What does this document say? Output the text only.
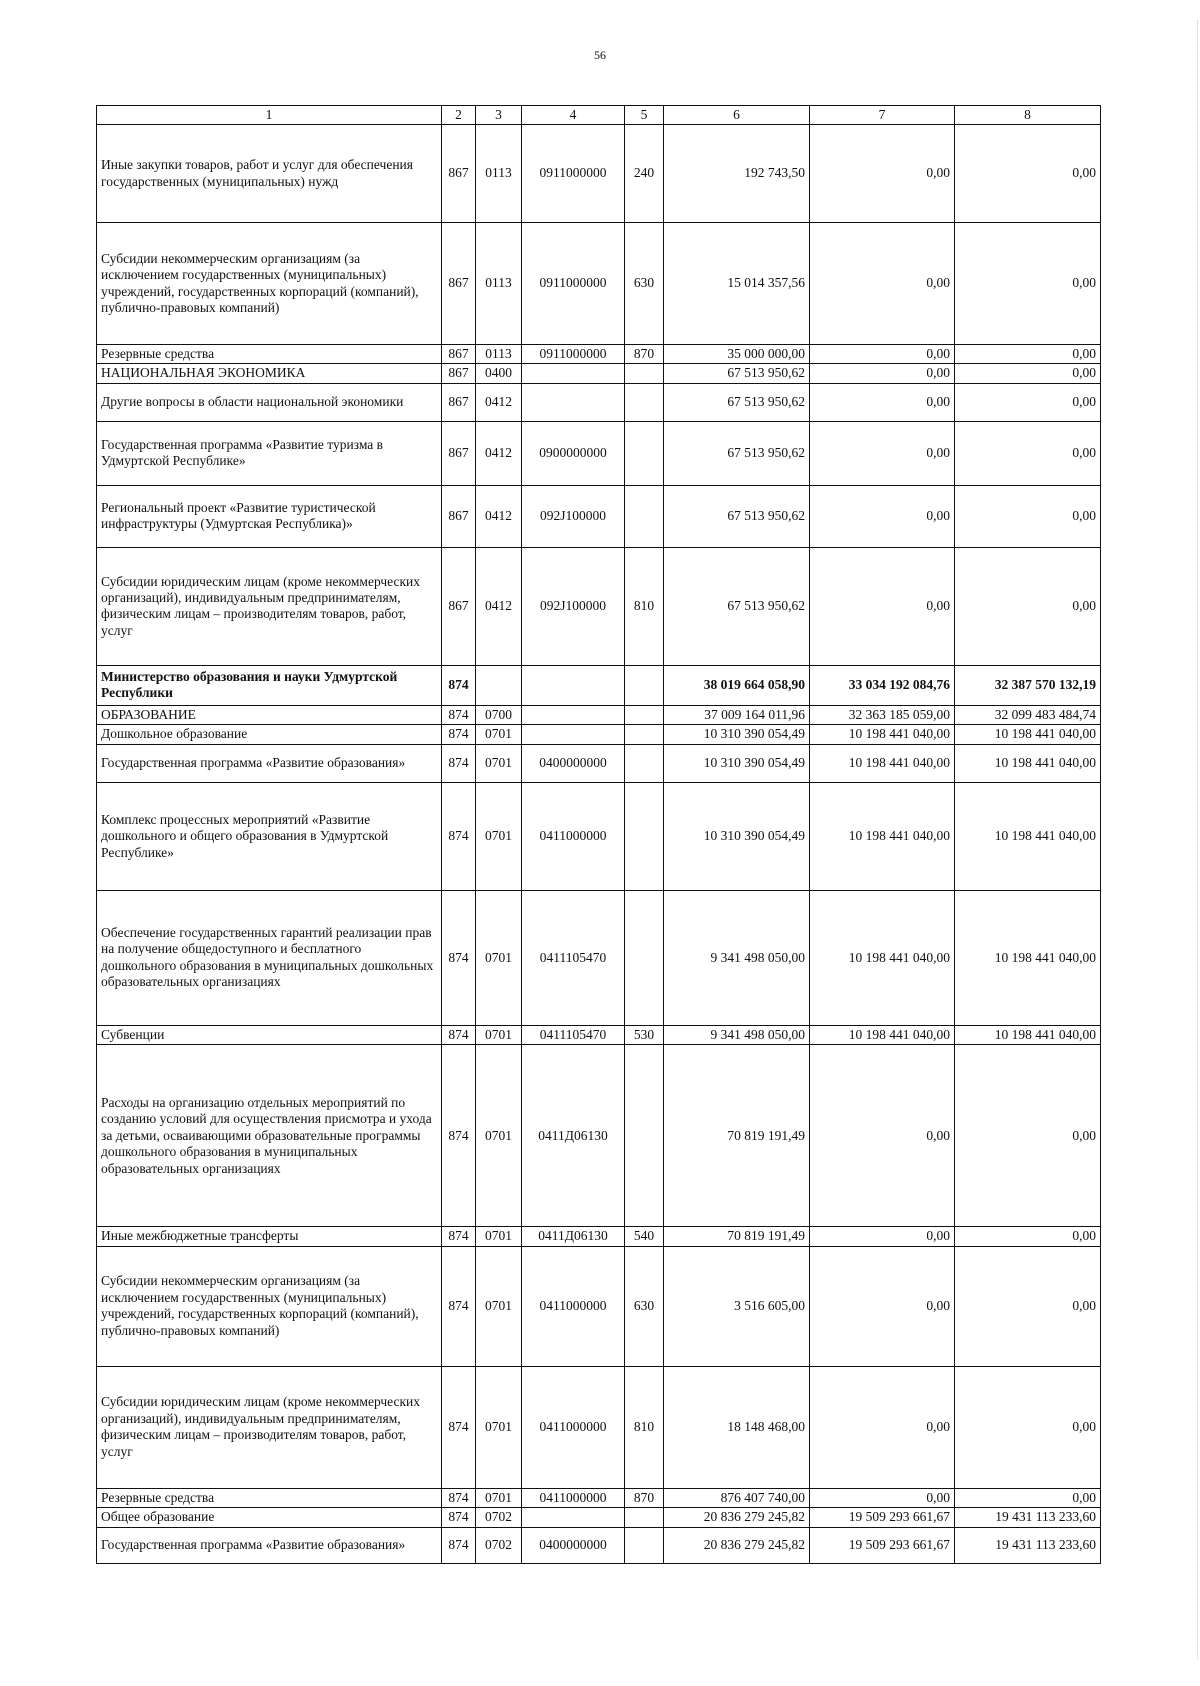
56
1	2	3	4	5	6	7	8
Иные закупки товаров, работ и услуг для обеспечения государственных (муниципальных) нужд	867	0113	0911000000	240	192 743,50	0,00	0,00
Субсидии некоммерческим организациям (за исключением государственных (муниципальных) учреждений, государственных корпораций (компаний), публично-правовых компаний)	867	0113	0911000000	630	15 014 357,56	0,00	0,00
Резервные средства	867	0113	0911000000	870	35 000 000,00	0,00	0,00
НАЦИОНАЛЬНАЯ ЭКОНОМИКА	867	0400			67 513 950,62	0,00	0,00
Другие вопросы в области национальной экономики	867	0412			67 513 950,62	0,00	0,00
Государственная программа «Развитие туризма в Удмуртской Республике»	867	0412	0900000000		67 513 950,62	0,00	0,00
Региональный проект «Развитие туристической инфраструктуры (Удмуртская Республика)»	867	0412	092J100000		67 513 950,62	0,00	0,00
Субсидии юридическим лицам (кроме некоммерческих организаций), индивидуальным предпринимателям, физическим лицам – производителям товаров, работ, услуг	867	0412	092J100000	810	67 513 950,62	0,00	0,00
Министерство образования и науки Удмуртской Республики	874				38 019 664 058,90	33 034 192 084,76	32 387 570 132,19
ОБРАЗОВАНИЕ	874	0700			37 009 164 011,96	32 363 185 059,00	32 099 483 484,74
Дошкольное образование	874	0701			10 310 390 054,49	10 198 441 040,00	10 198 441 040,00
Государственная программа «Развитие образования»	874	0701	0400000000		10 310 390 054,49	10 198 441 040,00	10 198 441 040,00
Комплекс процессных мероприятий «Развитие дошкольного и общего образования в Удмуртской Республике»	874	0701	0411000000		10 310 390 054,49	10 198 441 040,00	10 198 441 040,00
Обеспечение государственных гарантий реализации прав на получение общедоступного и бесплатного дошкольного образования в муниципальных дошкольных образовательных организациях	874	0701	0411105470		9 341 498 050,00	10 198 441 040,00	10 198 441 040,00
Субвенции	874	0701	0411105470	530	9 341 498 050,00	10 198 441 040,00	10 198 441 040,00
Расходы на организацию отдельных мероприятий по созданию условий для осуществления присмотра и ухода за детьми, осваивающими образовательные программы дошкольного образования в муниципальных образовательных организациях	874	0701	0411Д06130		70 819 191,49	0,00	0,00
Иные межбюджетные трансферты	874	0701	0411Д06130	540	70 819 191,49	0,00	0,00
Субсидии некоммерческим организациям (за исключением государственных (муниципальных) учреждений, государственных корпораций (компаний), публично-правовых компаний)	874	0701	0411000000	630	3 516 605,00	0,00	0,00
Субсидии юридическим лицам (кроме некоммерческих организаций), индивидуальным предпринимателям, физическим лицам – производителям товаров, работ, услуг	874	0701	0411000000	810	18 148 468,00	0,00	0,00
Резервные средства	874	0701	0411000000	870	876 407 740,00	0,00	0,00
Общее образование	874	0702			20 836 279 245,82	19 509 293 661,67	19 431 113 233,60
Государственная программа «Развитие образования»	874	0702	0400000000		20 836 279 245,82	19 509 293 661,67	19 431 113 233,60
